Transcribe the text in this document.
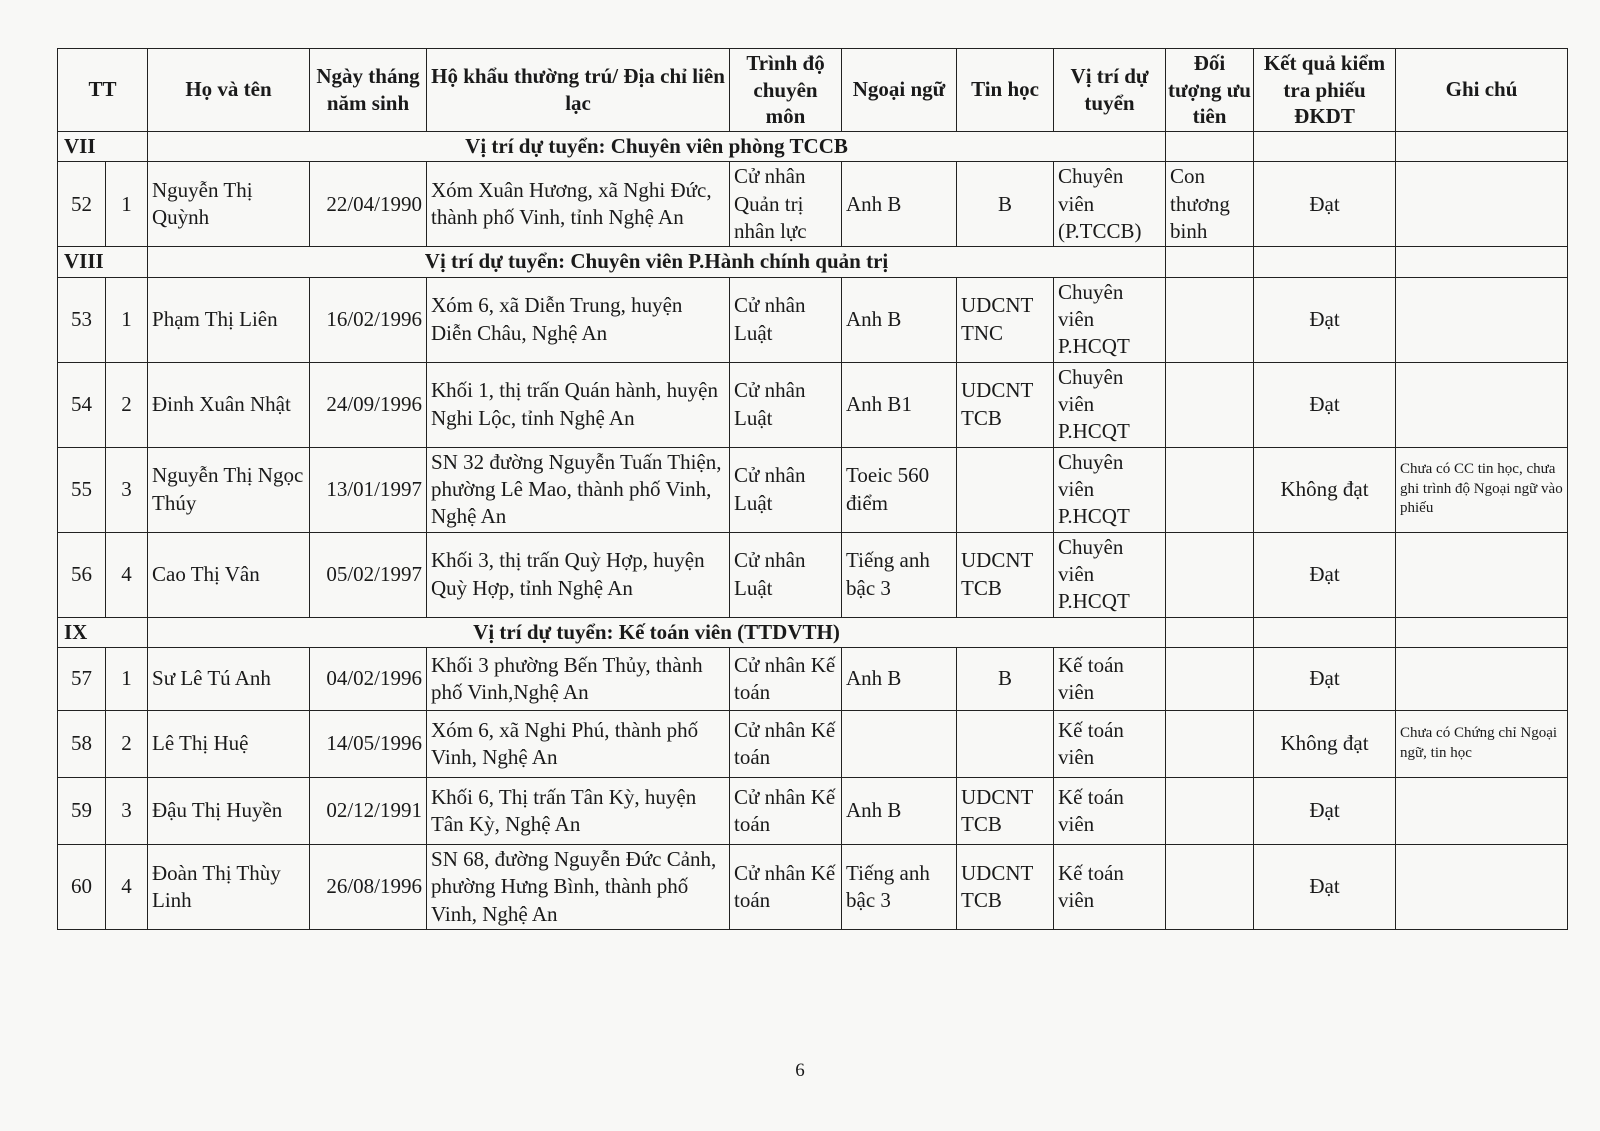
TT		Họ và tên	Ngày tháng năm sinh	Hộ khẩu thường trú/ Địa chỉ liên lạc	Trình độ chuyên môn	Ngoại ngữ	Tin học	Vị trí dự tuyển	Đối tượng ưu tiên	Kết quả kiểm tra phiếu ĐKDT	Ghi chú
VII		Vị trí dự tuyển: Chuyên viên phòng TCCB									
52	1	Nguyễn Thị Quỳnh	22/04/1990	Xóm Xuân Hương, xã Nghi Đức, thành phố Vinh, tỉnh Nghệ An	Cử nhân Quản trị nhân lực	Anh B	B	Chuyên viên (P.TCCB)	Con thương binh	Đạt	
VIII		Vị trí dự tuyển: Chuyên viên P.Hành chính quản trị									
53	1	Phạm Thị Liên	16/02/1996	Xóm 6, xã Diễn Trung, huyện Diễn Châu, Nghệ An	Cử nhân Luật	Anh B	UDCNT TNC	Chuyên viên P.HCQT		Đạt	
54	2	Đinh Xuân Nhật	24/09/1996	Khối 1, thị trấn Quán hành, huyện Nghi Lộc, tỉnh Nghệ An	Cử nhân Luật	Anh B1	UDCNT TCB	Chuyên viên P.HCQT		Đạt	
55	3	Nguyễn Thị Ngọc Thúy	13/01/1997	SN 32 đường Nguyễn Tuấn Thiện, phường Lê Mao, thành phố Vinh, Nghệ An	Cử nhân Luật	Toeic 560 điểm		Chuyên viên P.HCQT		Không đạt	Chưa có CC tin học, chưa ghi trình độ Ngoại ngữ vào phiếu
56	4	Cao Thị Vân	05/02/1997	Khối 3, thị trấn Quỳ Hợp, huyện Quỳ Hợp, tỉnh Nghệ An	Cử nhân Luật	Tiếng anh bậc 3	UDCNT TCB	Chuyên viên P.HCQT		Đạt	
IX		Vị trí dự tuyển: Kế toán viên (TTDVTH)									
57	1	Sư Lê Tú Anh	04/02/1996	Khối 3 phường Bến Thủy, thành phố Vinh,Nghệ An	Cử nhân Kế toán	Anh B	B	Kế toán viên		Đạt	
58	2	Lê Thị Huệ	14/05/1996	Xóm 6, xã Nghi Phú, thành phố Vinh, Nghệ An	Cử nhân Kế toán			Kế toán viên		Không đạt	Chưa có Chứng chỉ Ngoại ngữ, tin học
59	3	Đậu Thị Huyền	02/12/1991	Khối 6, Thị trấn Tân Kỳ, huyện Tân Kỳ, Nghệ An	Cử nhân Kế toán	Anh B	UDCNT TCB	Kế toán viên		Đạt	
60	4	Đoàn Thị Thùy Linh	26/08/1996	SN 68, đường Nguyễn Đức Cảnh, phường Hưng Bình, thành phố Vinh, Nghệ An	Cử nhân Kế toán	Tiếng anh bậc 3	UDCNT TCB	Kế toán viên		Đạt	
6
